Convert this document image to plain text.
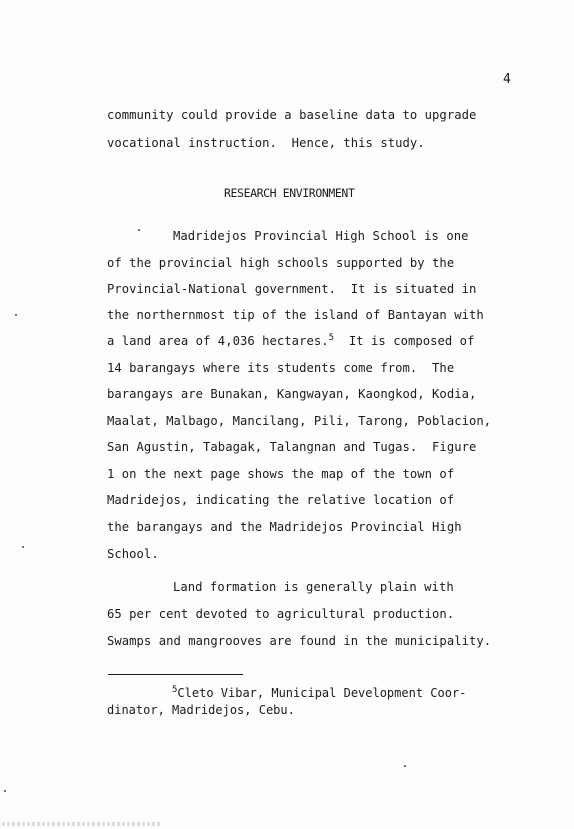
4
community could provide a baseline data to upgrade
vocational instruction.  Hence, this study.
RESEARCH ENVIRONMENT
Madridejos Provincial High School is one
of the provincial high schools supported by the
Provincial-National government.  It is situated in
the northernmost tip of the island of Bantayan with
a land area of 4,036 hectares.$^5$  It is composed of
14 barangays where its students come from.  The
barangays are Bunakan, Kangwayan, Kaongkod, Kodia,
Maalat, Malbago, Mancilang, Pili, Tarong, Poblacion,
San Agustin, Tabagak, Talangnan and Tugas.  Figure
1 on the next page shows the map of the town of
Madridejos, indicating the relative location of
the barangays and the Madridejos Provincial High
School.
Land formation is generally plain with
65 per cent devoted to agricultural production.
Swamps and mangrooves are found in the municipality.
$^5$Cleto Vibar, Municipal Development Coor-
dinator, Madridejos, Cebu.
